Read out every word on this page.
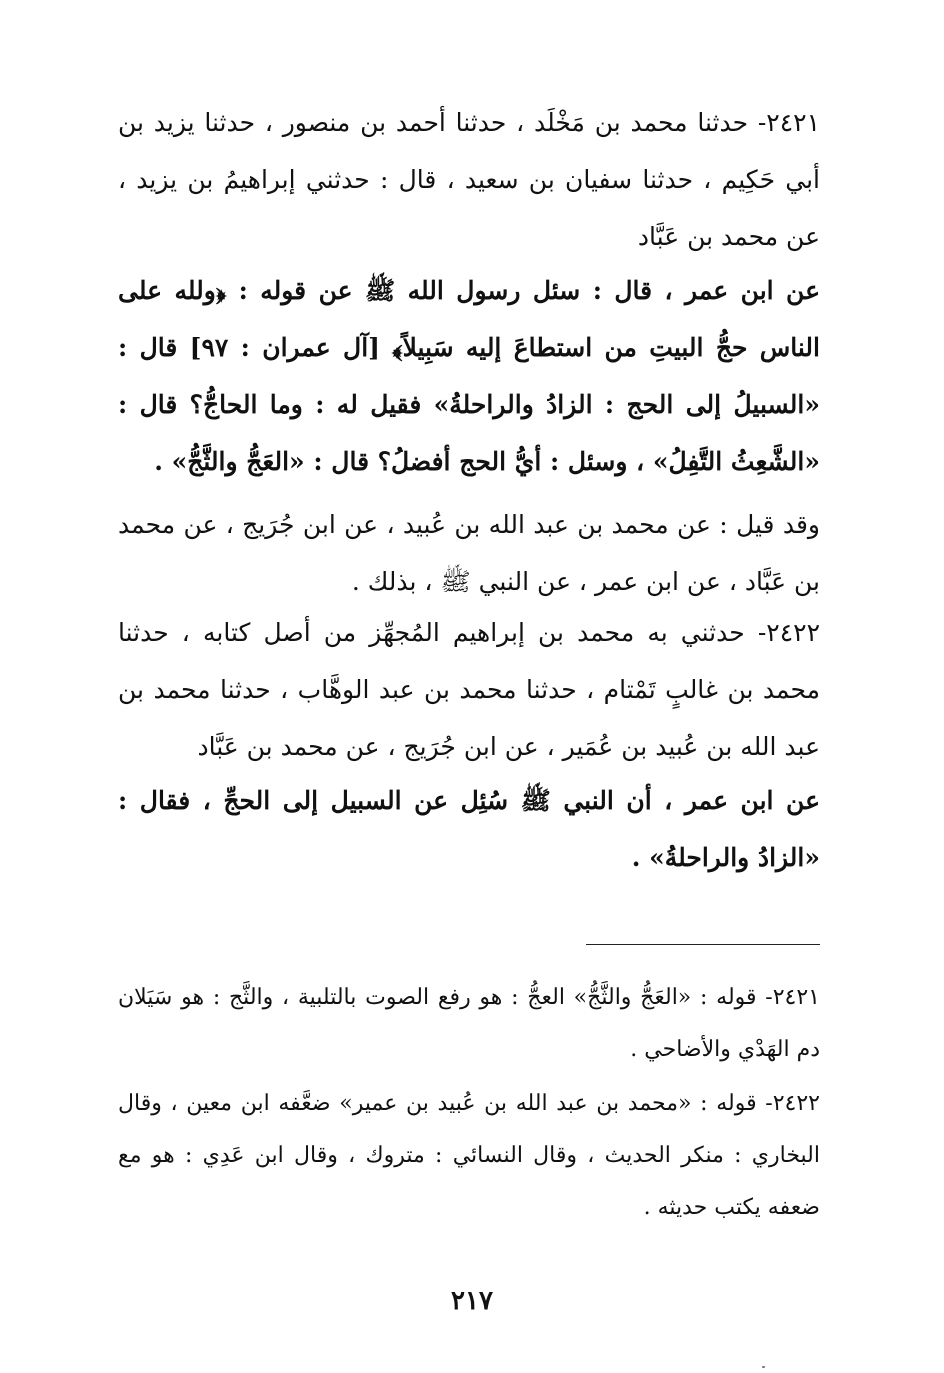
٢٤٢١- حدثنا محمد بن مَخْلَد ، حدثنا أحمد بن منصور ، حدثنا يزيد بن أبي حَكِيم ، حدثنا سفيان بن سعيد ، قال : حدثني إبراهيمُ بن يزيد ، عن محمد بن عَبَّاد

عن ابن عمر ، قال : سئل رسول الله ﷺ عن قوله : ﴿ولله على الناس حجُّ البيتِ من استطاعَ إليه سَبِيلاً﴾ [آل عمران : ٩٧] قال : «السبيلُ إلى الحج : الزادُ والراحلةُ» فقيل له : وما الحاجُّ؟ قال : «الشَّعِثُ التَّفِلُ» ، وسئل : أيُّ الحج أفضلُ؟ قال : «العَجُّ والثَّجُّ» .

وقد قيل : عن محمد بن عبد الله بن عُبيد ، عن ابن جُرَيج ، عن محمد بن عَبَّاد ، عن ابن عمر ، عن النبي ﷺ ، بذلك .

٢٤٢٢- حدثني به محمد بن إبراهيم المُجهِّز من أصل كتابه ، حدثنا محمد بن غالبٍ تَمْتام ، حدثنا محمد بن عبد الوهَّاب ، حدثنا محمد بن عبد الله بن عُبيد بن عُمَير ، عن ابن جُرَيج ، عن محمد بن عَبَّاد

عن ابن عمر ، أن النبي ﷺ سُئِل عن السبيل إلى الحجِّ ، فقال : «الزادُ والراحلةُ» .

٢٤٢١- قوله : «العَجُّ والثَّجُّ» العجُّ : هو رفع الصوت بالتلبية ، والثَّج : هو سَيَلان دم الهَدْي والأضاحي .

٢٤٢٢- قوله : «محمد بن عبد الله بن عُبيد بن عمير» ضعَّفه ابن معين ، وقال البخاري : منكر الحديث ، وقال النسائي : متروك ، وقال ابن عَدِي : هو مع ضعفه يكتب حديثه .

٢١٧
